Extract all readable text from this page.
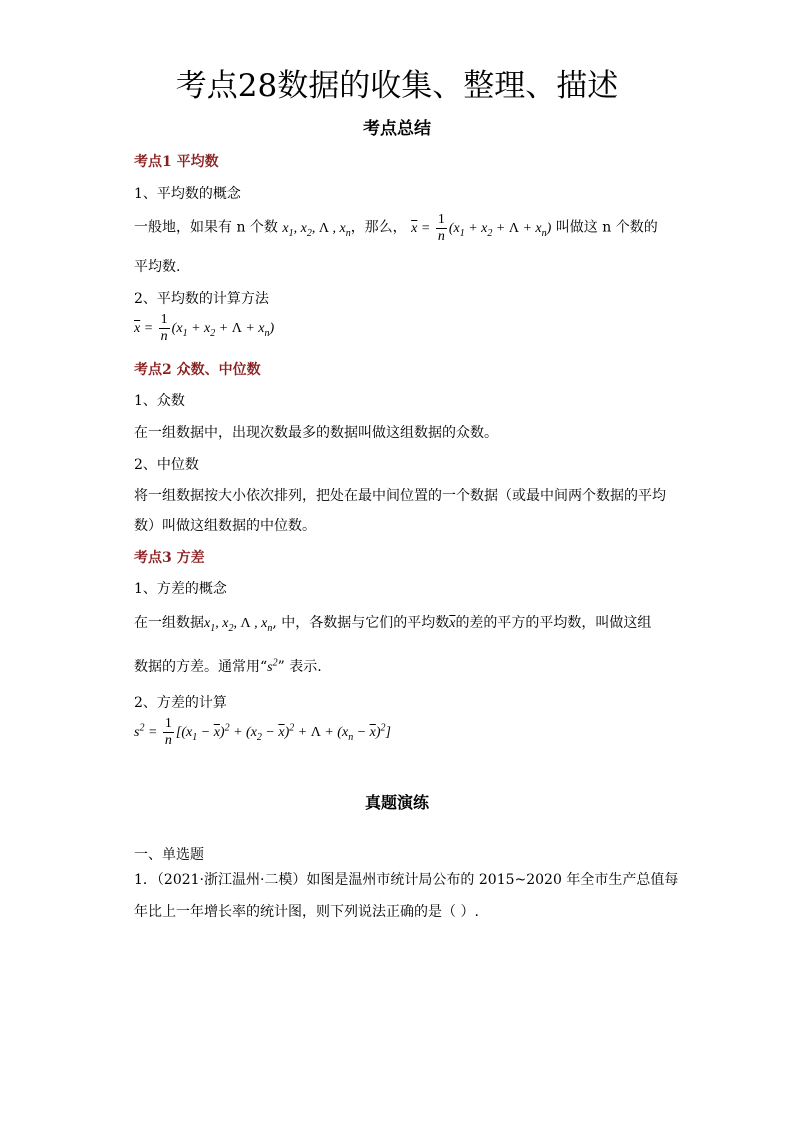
考点28数据的收集、整理、描述
考点总结
考点1 平均数
1、平均数的概念
一般地，如果有 n 个数 $x_1$, $x_2$, Λ , $x_n$，那么， $\overline{x} = \frac{1}{n} (x_1 + x_2 + \Lambda + x_n)$ 叫做这 n 个数的
平均数.
2、平均数的计算方法
$\overline{x} = \frac{1}{n} (x_1 + x_2 + \Lambda + x_n)$
考点2 众数、中位数
1、众数
在一组数据中，出现次数最多的数据叫做这组数据的众数。
2、中位数
将一组数据按大小依次排列，把处在最中间位置的一个数据（或最中间两个数据的平均
数）叫做这组数据的中位数。
考点3 方差
1、方差的概念
在一组数据$x_1$, $x_2$, Λ , $x_n$, 中，各数据与它们的平均数$\overline{x}$的差的平方的平均数，叫做这组
数据的方差。通常用“$s^2$” 表示.
2、方差的计算
$s^2 = \frac{1}{n} [(x_1 - \overline{x})^2 + (x_2 - \overline{x})^2 + \Lambda + (x_n - \overline{x})^2]$
真题演练
一、单选题
1．（2021·浙江温州·二模）如图是温州市统计局公布的 2015~2020 年全市生产总值每
年比上一年增长率的统计图，则下列说法正确的是（ ）.
